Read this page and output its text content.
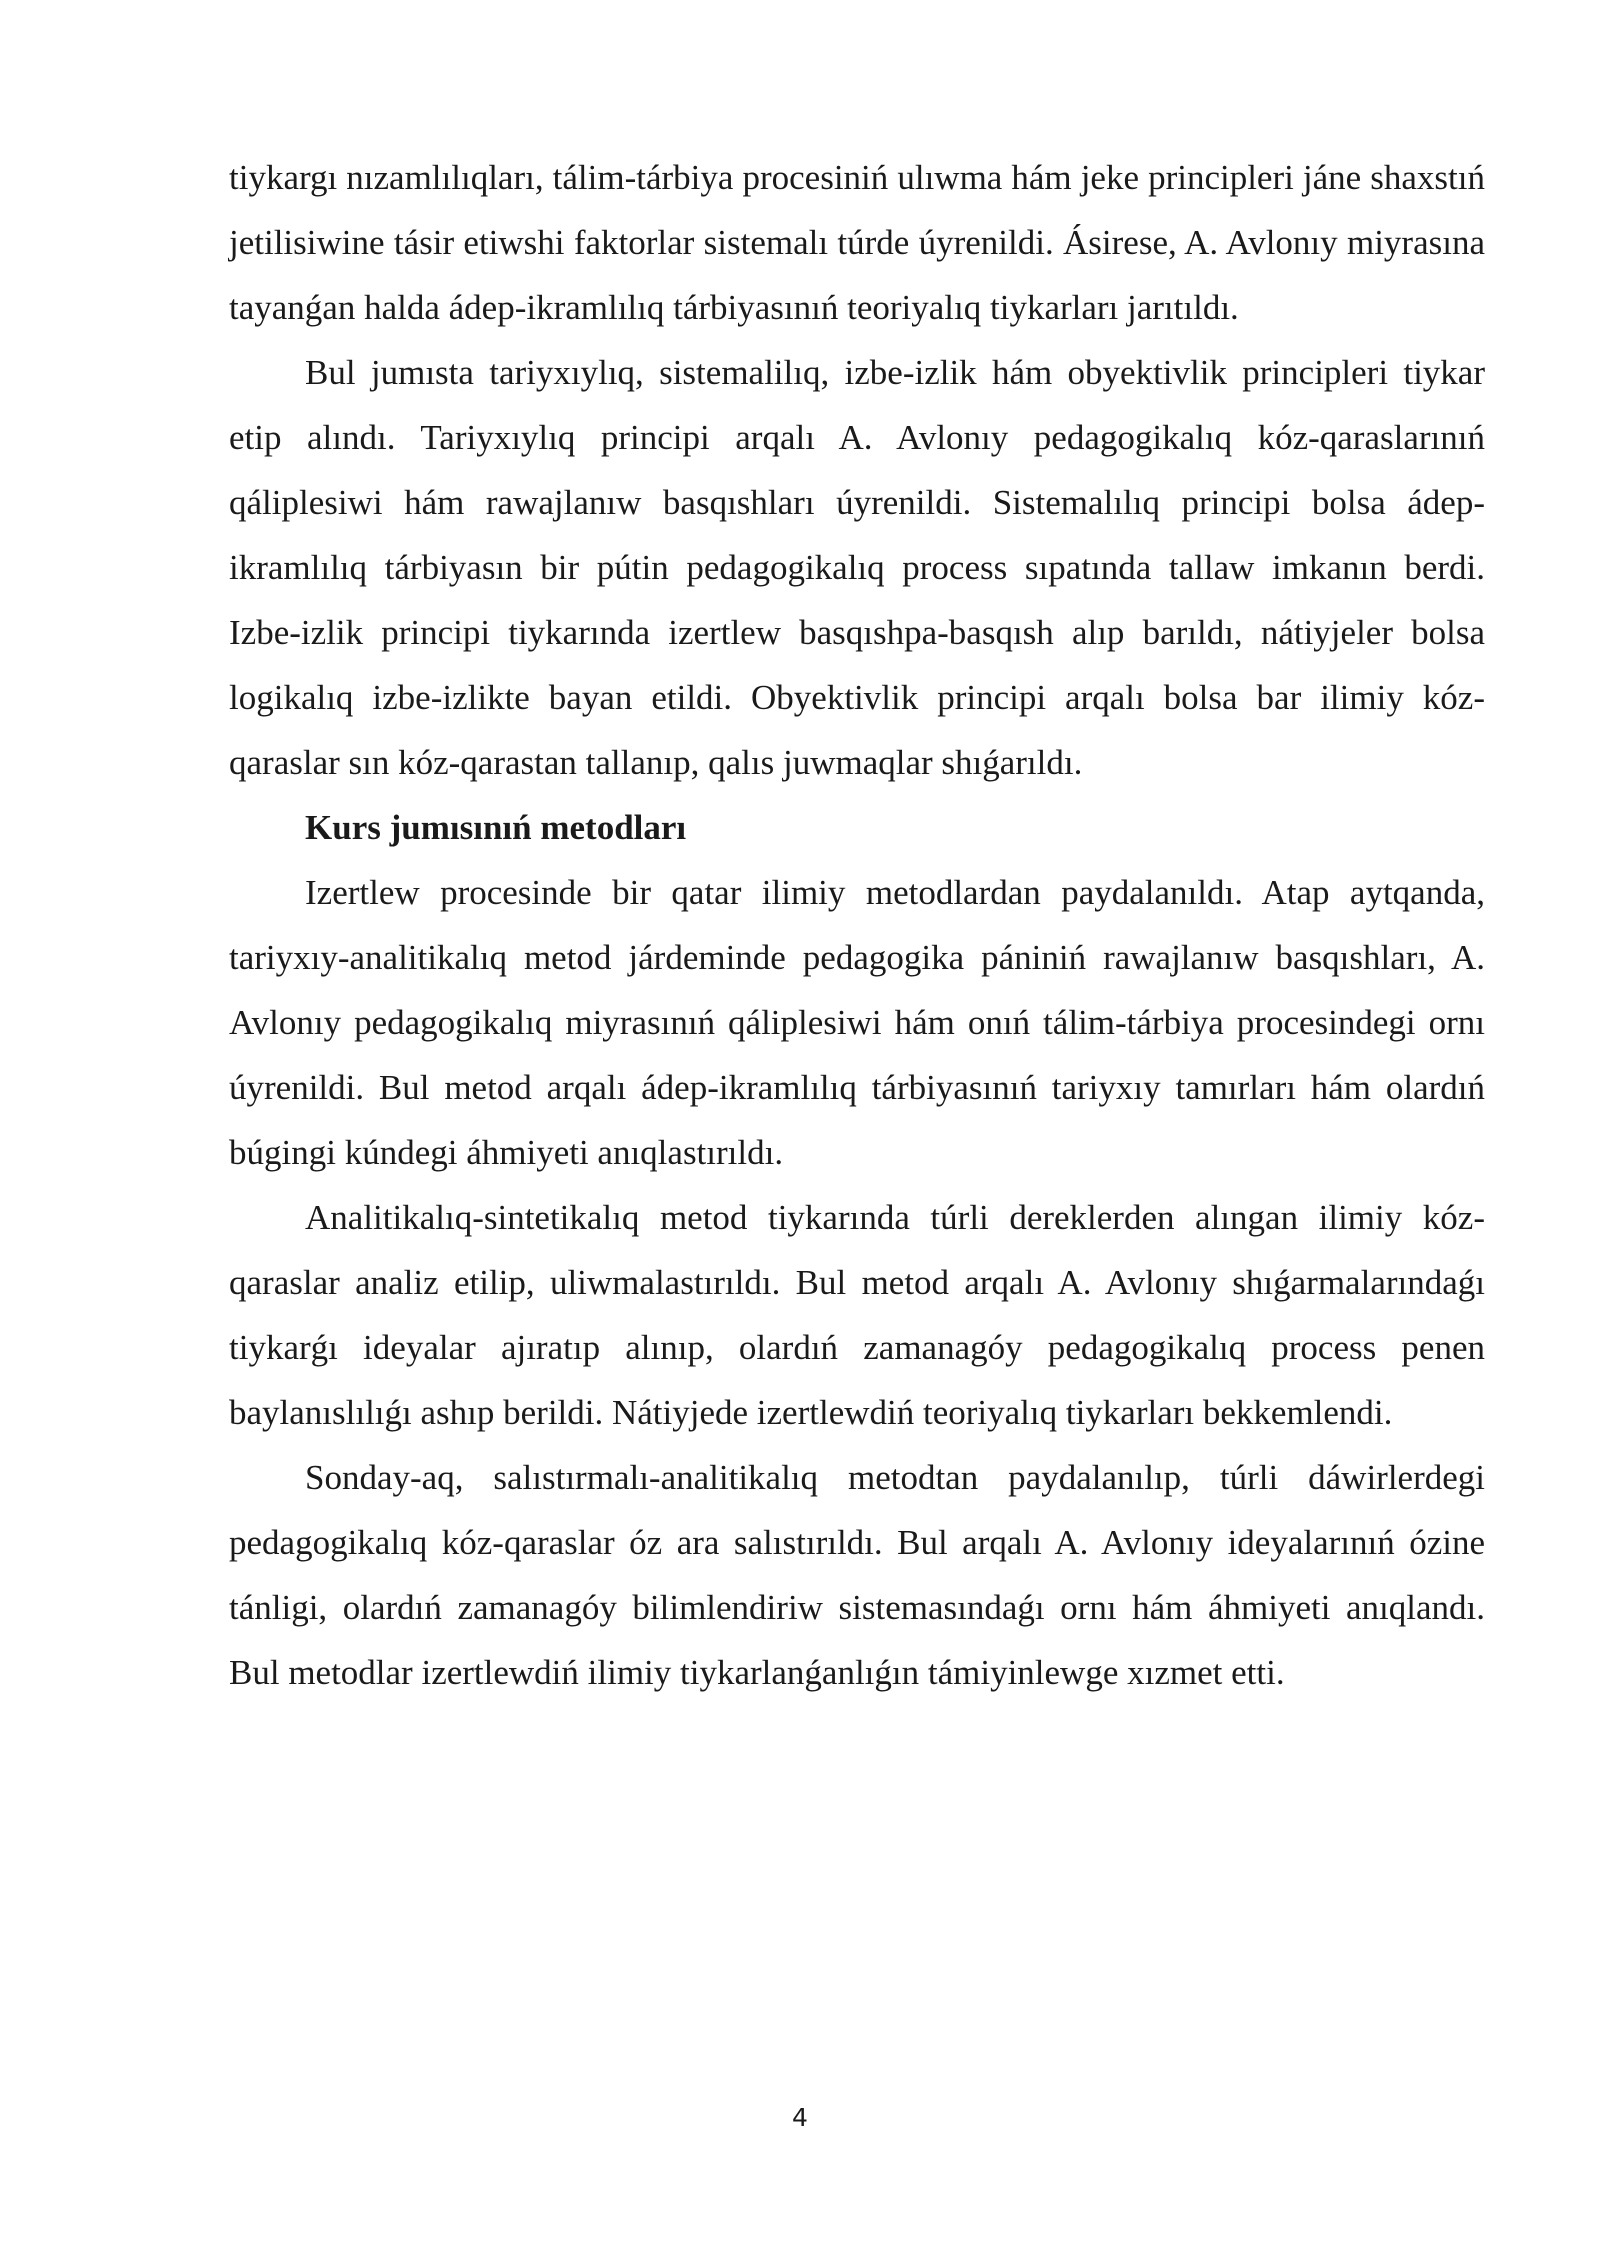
tiykargı nızamlılıqları, tálim-tárbiya procesiniń ulıwma hám jeke principleri jáne shaxstıń jetilisiwine tásir etiwshi faktorlar sistemalı túrde úyrenildi. Ásirese, A. Avlonıy miyrasına tayanǵan halda ádep-ikramlılıq tárbiyasınıń teoriyalıq tiykarları jarıtıldı.

Bul jumısta tariyxıylıq, sistemalilıq, izbe-izlik hám obyektivlik principleri tiykar etip alındı. Tariyxıylıq principi arqalı A. Avlonıy pedagogikalıq kóz-qaraslarınıń qáliplesiwi hám rawajlanıw basqıshları úyrenildi. Sistemalılıq principi bolsa ádep-ikramlılıq tárbiyasın bir pútin pedagogikalıq process sıpatında tallaw imkanın berdi. Izbe-izlik principi tiykarında izertlew basqıshpa-basqısh alıp barıldı, nátiyjeler bolsa logikalıq izbe-izlikte bayan etildi. Obyektivlik principi arqalı bolsa bar ilimiy kóz-qaraslar sın kóz-qarastan tallanıp, qalıs juwmaqlar shıǵarıldı.

Kurs jumısınıń metodları

Izertlew procesinde bir qatar ilimiy metodlardan paydalanıldı. Atap aytqanda, tariyxıy-analitikalıq metod járdeminde pedagogika pániniń rawajlanıw basqıshları, A. Avlonıy pedagogikalıq miyrasınıń qáliplesiwi hám onıń tálim-tárbiya procesindegi ornı úyrenildi. Bul metod arqalı ádep-ikramlılıq tárbiyasınıń tariyxıy tamırları hám olardıń búgingi kúndegi áhmiyeti anıqlastırıldı.

Analitikalıq-sintetikalıq metod tiykarında túrli dereklerden alıngan ilimiy kóz-qaraslar analiz etilip, uliwmalastırıldı. Bul metod arqalı A. Avlonıy shıǵarmalarındaǵı tiykarǵı ideyalar ajıratıp alınıp, olardıń zamanagóy pedagogikalıq process penen baylanıslılıǵı ashıp berildi. Nátiyjede izertlewdiń teoriyalıq tiykarları bekkemlendi.

Sonday-aq, salıstırmalı-analitikalıq metodtan paydalanılıp, túrli dáwirlerdegi pedagogikalıq kóz-qaraslar óz ara salıstırıldı. Bul arqalı A. Avlonıy ideyalarınıń ózine tánligi, olardıń zamanagóy bilimlendiriw sistemasındaǵı ornı hám áhmiyeti anıqlandı. Bul metodlar izertlewdiń ilimiy tiykarlanǵanlıǵın támiyinlewge xızmet etti.

4
